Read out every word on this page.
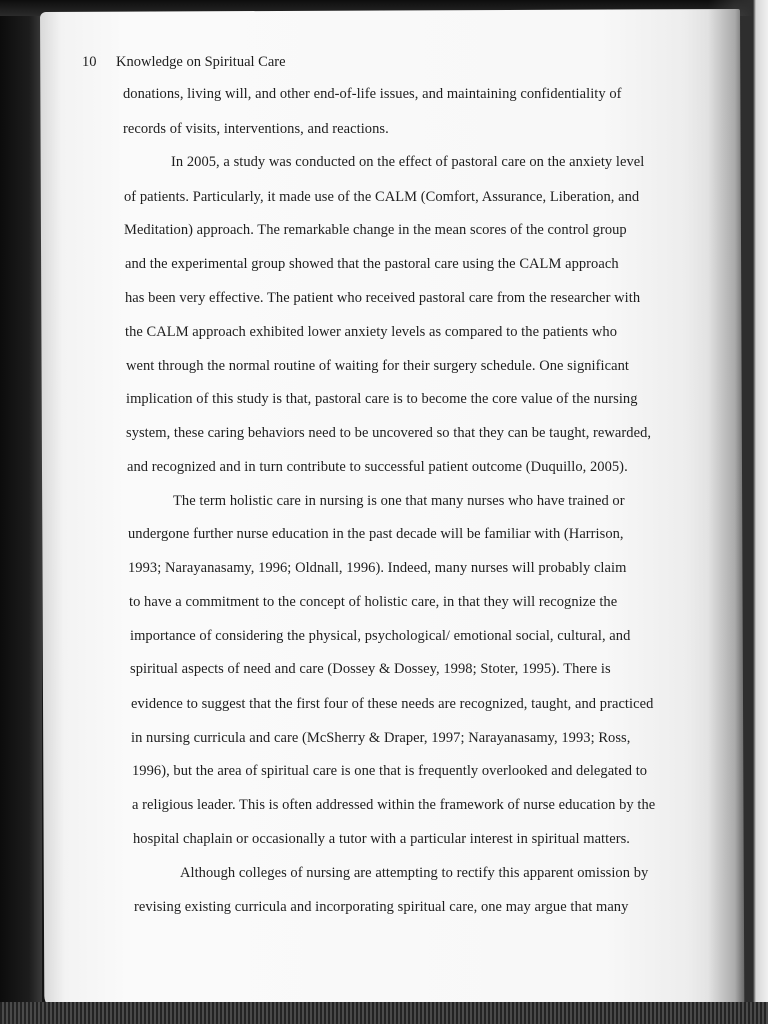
10 Knowledge on Spiritual Care
donations, living will, and other end-of-life issues, and maintaining confidentiality of
records of visits, interventions, and reactions.
In 2005, a study was conducted on the effect of pastoral care on the anxiety level
of patients. Particularly, it made use of the CALM (Comfort, Assurance, Liberation, and
Meditation) approach. The remarkable change in the mean scores of the control group
and the experimental group showed that the pastoral care using the CALM approach
has been very effective. The patient who received pastoral care from the researcher with
the CALM approach exhibited lower anxiety levels as compared to the patients who
went through the normal routine of waiting for their surgery schedule. One significant
implication of this study is that, pastoral care is to become the core value of the nursing
system, these caring behaviors need to be uncovered so that they can be taught, rewarded,
and recognized and in turn contribute to successful patient outcome (Duquillo, 2005).
The term holistic care in nursing is one that many nurses who have trained or
undergone further nurse education in the past decade will be familiar with (Harrison,
1993; Narayanasamy, 1996; Oldnall, 1996). Indeed, many nurses will probably claim
to have a commitment to the concept of holistic care, in that they will recognize the
importance of considering the physical, psychological/ emotional social, cultural, and
spiritual aspects of need and care (Dossey & Dossey, 1998; Stoter, 1995). There is
evidence to suggest that the first four of these needs are recognized, taught, and practiced
in nursing curricula and care (McSherry & Draper, 1997; Narayanasamy, 1993; Ross,
1996), but the area of spiritual care is one that is frequently overlooked and delegated to
a religious leader. This is often addressed within the framework of nurse education by the
hospital chaplain or occasionally a tutor with a particular interest in spiritual matters.
Although colleges of nursing are attempting to rectify this apparent omission by
revising existing curricula and incorporating spiritual care, one may argue that many
